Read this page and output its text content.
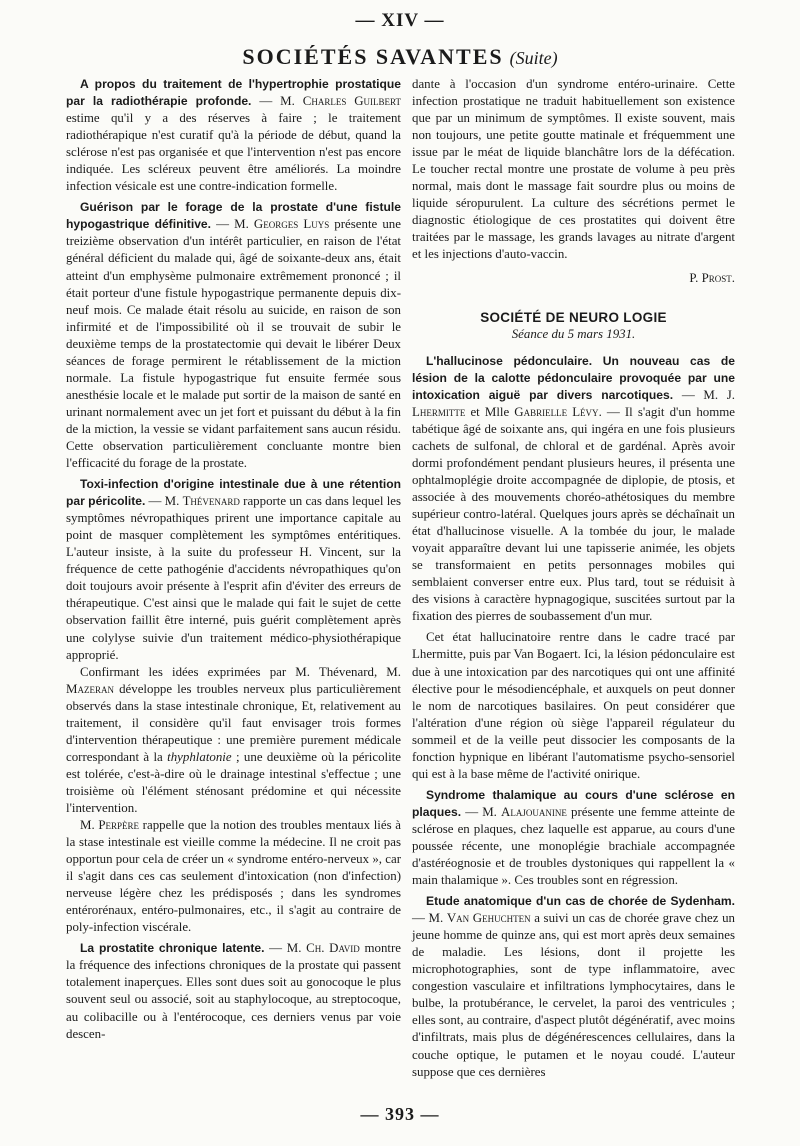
— XIV —
SOCIÉTÉS SAVANTES (Suite)

A propos du traitement de l'hypertrophie prostatique par la radiothérapie profonde. — M. Charles Guilbert estime qu'il y a des réserves à faire ; le traitement radiothérapique n'est curatif qu'à la période de début, quand la sclérose n'est pas organisée et que l'intervention n'est pas encore indiquée. Les scléreux peuvent être améliorés. La moindre infection vésicale est une contre-indication formelle.

Guérison par le forage de la prostate d'une fistule hypogastrique définitive. — M. Georges Luys présente une treizième observation d'un intérêt particulier, en raison de l'état général déficient du malade qui, âgé de soixante-deux ans, était atteint d'un emphysème pulmonaire extrêmement prononcé ; il était porteur d'une fistule hypogastrique permanente depuis dix-neuf mois. Ce malade était résolu au suicide, en raison de son infirmité et de l'impossibilité où il se trouvait de subir le deuxième temps de la prostatectomie qui devait le libérer Deux séances de forage permirent le rétablissement de la miction normale. La fistule hypogastrique fut ensuite fermée sous anesthésie locale et le malade put sortir de la maison de santé en urinant normalement avec un jet fort et puissant du début à la fin de la miction, la vessie se vidant parfaitement sans aucun résidu. Cette observation particulièrement concluante montre bien l'efficacité du forage de la prostate.

Toxi-infection d'origine intestinale due à une rétention par péricolite. — M. Thévenard rapporte un cas dans lequel les symptômes névropathiques prirent une importance capitale au point de masquer complètement les symptômes entéritiques. L'auteur insiste, à la suite du professeur H. Vincent, sur la fréquence de cette pathogénie d'accidents névropathiques qu'on doit toujours avoir présente à l'esprit afin d'éviter des erreurs de thérapeutique. C'est ainsi que le malade qui fait le sujet de cette observation faillit être interné, puis guérit complètement après une colylyse suivie d'un traitement médico-physiothérapique approprié.

Confirmant les idées exprimées par M. Thévenard, M. Mazeran développe les troubles nerveux plus particulièrement observés dans la stase intestinale chronique, Et, relativement au traitement, il considère qu'il faut envisager trois formes d'intervention thérapeutique : une première purement médicale correspondant à la thyphlatonie ; une deuxième où la péricolite est tolérée, c'est-à-dire où le drainage intestinal s'effectue ; une troisième où l'élément sténosant prédomine et qui nécessite l'intervention.

M. Perpère rappelle que la notion des troubles mentaux liés à la stase intestinale est vieille comme la médecine. Il ne croit pas opportun pour cela de créer un « syndrome entéro-nerveux », car il s'agit dans ces cas seulement d'intoxication (non d'infection) nerveuse légère chez les prédisposés ; dans les syndromes entérorénaux, entéro-pulmonaires, etc., il s'agit au contraire de poly-infection viscérale.

La prostatite chronique latente. — M. Ch. David montre la fréquence des infections chroniques de la prostate qui passent totalement inaperçues. Elles sont dues soit au gonocoque le plus souvent seul ou associé, soit au staphylocoque, au streptocoque, au colibacille ou à l'entérocoque, ces derniers venus par voie descen-

dante à l'occasion d'un syndrome entéro-urinaire. Cette infection prostatique ne traduit habituellement son existence que par un minimum de symptômes. Il existe souvent, mais non toujours, une petite goutte matinale et fréquemment une issue par le méat de liquide blanchâtre lors de la défécation. Le toucher rectal montre une prostate de volume à peu près normal, mais dont le massage fait sourdre plus ou moins de liquide séropurulent. La culture des sécrétions permet le diagnostic étiologique de ces prostatites qui doivent être traitées par le massage, les grands lavages au nitrate d'argent et les injections d'auto-vaccin.

P. Prost.
SOCIÉTÉ DE NEURO LOGIE
Séance du 5 mars 1931.

L'hallucinose pédonculaire. Un nouveau cas de lésion de la calotte pédonculaire provoquée par une intoxication aiguë par divers narcotiques. — M. J. Lhermitte et Mlle Gabrielle Lévy. — Il s'agit d'un homme tabétique âgé de soixante ans, qui ingéra en une fois plusieurs cachets de sulfonal, de chloral et de gardénal. Après avoir dormi profondément pendant plusieurs heures, il présenta une ophtalmoplégie droite accompagnée de diplopie, de ptosis, et associée à des mouvements choréo-athétosiques du membre supérieur contro-latéral. Quelques jours après se déchaînait un état d'hallucinose visuelle. A la tombée du jour, le malade voyait apparaître devant lui une tapisserie animée, les objets se transformaient en petits personnages mobiles qui semblaient converser entre eux. Plus tard, tout se réduisit à des visions à caractère hypnagogique, suscitées surtout par la fixation des pierres de soubassement d'un mur.

Cet état hallucinatoire rentre dans le cadre tracé par Lhermitte, puis par Van Bogaert. Ici, la lésion pédonculaire est due à une intoxication par des narcotiques qui ont une affinité élective pour le mésodiencéphale, et auxquels on peut donner le nom de narcotiques basilaires. On peut considérer que l'altération d'une région où siège l'appareil régulateur du sommeil et de la veille peut dissocier les composants de la fonction hypnique en libérant l'automatisme psycho-sensoriel qui est à la base même de l'activité onirique.

Syndrome thalamique au cours d'une sclérose en plaques. — M. Alajouanine présente une femme atteinte de sclérose en plaques, chez laquelle est apparue, au cours d'une poussée récente, une monoplégie brachiale accompagnée d'astéréognosie et de troubles dystoniques qui rappellent la « main thalamique ». Ces troubles sont en régression.

Etude anatomique d'un cas de chorée de Sydenham. — M. Van Gehuchten a suivi un cas de chorée grave chez un jeune homme de quinze ans, qui est mort après deux semaines de maladie. Les lésions, dont il projette les microphotographies, sont de type inflammatoire, avec congestion vasculaire et infiltrations lymphocytaires, dans le bulbe, la protubérance, le cervelet, la paroi des ventricules ; elles sont, au contraire, d'aspect plutôt dégénératif, avec moins d'infiltrats, mais plus de dégénérescences cellulaires, dans la couche optique, le putamen et le noyau coudé. L'auteur suppose que ces dernières

— 393 —
